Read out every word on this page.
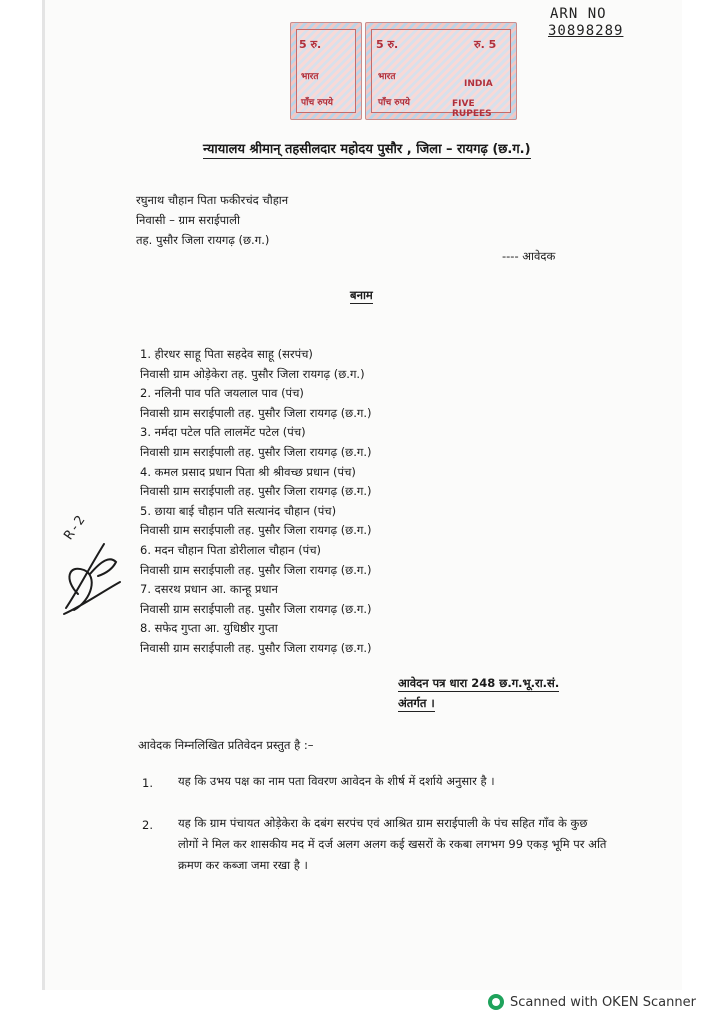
5 रु.
भारत
पाँच रुपये
5 रु.	रु. 5
भारत
INDIA
पाँच रुपये	FIVE RUPEES
ARN NO
30898289
न्यायालय श्रीमान् तहसीलदार महोदय पुसौर , जिला – रायगढ़ (छ.ग.)
रघुनाथ चौहान पिता फकीरचंद चौहान
निवासी – ग्राम सराईपाली
तह. पुसौर जिला रायगढ़ (छ.ग.)
---- आवेदक
बनाम
1. हीरधर साहू पिता सहदेव साहू (सरपंच)
निवासी ग्राम ओड़ेकेरा तह. पुसौर जिला रायगढ़ (छ.ग.)
2. नलिनी पाव पति जयलाल पाव (पंच)
निवासी ग्राम सराईपाली तह. पुसौर जिला रायगढ़ (छ.ग.)
3. नर्मदा पटेल पति लालमेंट पटेल (पंच)
निवासी ग्राम सराईपाली तह. पुसौर जिला रायगढ़ (छ.ग.)
4. कमल प्रसाद प्रधान पिता श्री श्रीवच्छ प्रधान (पंच)
निवासी ग्राम सराईपाली तह. पुसौर जिला रायगढ़ (छ.ग.)
5. छाया बाई चौहान पति सत्यानंद चौहान (पंच)
निवासी ग्राम सराईपाली तह. पुसौर जिला रायगढ़ (छ.ग.)
6. मदन चौहान पिता डोरीलाल चौहान (पंच)
निवासी ग्राम सराईपाली तह. पुसौर जिला रायगढ़ (छ.ग.)
7. दसरथ प्रधान आ. कान्हू प्रधान
निवासी ग्राम सराईपाली तह. पुसौर जिला रायगढ़ (छ.ग.)
8. सफेद गुप्ता आ. युधिष्ठीर गुप्ता
निवासी ग्राम सराईपाली तह. पुसौर जिला रायगढ़ (छ.ग.)
आवेदन पत्र धारा 248 छ.ग.भू.रा.सं.
अंतर्गत ।
आवेदक निम्नलिखित प्रतिवेदन प्रस्तुत है :–
1. यह कि उभय पक्ष का नाम पता विवरण आवेदन के शीर्ष में दर्शाये अनुसार है ।
2. यह कि ग्राम पंचायत ओड़ेकेरा के दबंग सरपंच एवं आश्रित ग्राम सराईपाली के पंच सहित गाँव के कुछ लोगों ने मिल कर शासकीय मद में दर्ज अलग अलग कई खसरों के रकबा लगभग 99 एकड़ भूमि पर अति क्रमण कर कब्जा जमा रखा है ।
R-2
Scanned with OKEN Scanner
